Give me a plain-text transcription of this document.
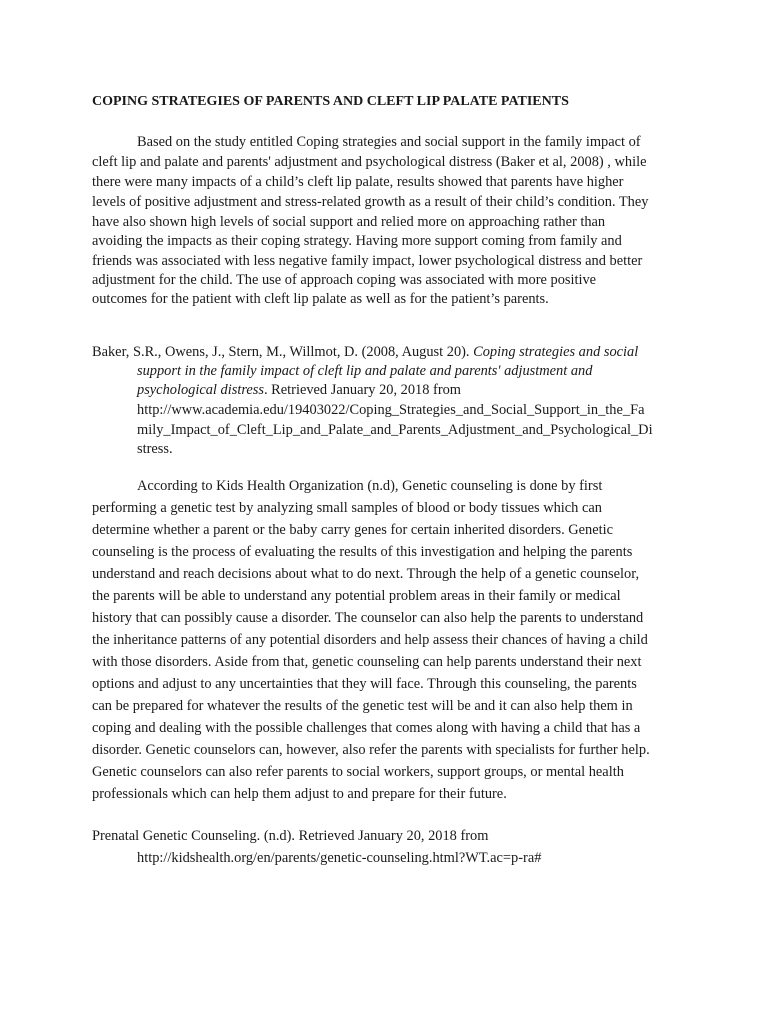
COPING STRATEGIES OF PARENTS AND CLEFT LIP PALATE PATIENTS

Based on the study entitled Coping strategies and social support in the family impact of

cleft lip and palate and parents' adjustment and psychological distress (Baker et al, 2008) , while

there were many impacts of a child’s cleft lip palate, results showed that parents have higher

levels of positive adjustment and stress-related growth as a result of their child’s condition. They

have also shown high levels of social support and relied more on approaching rather than

avoiding the impacts as their coping strategy. Having more support coming from family and

friends was associated with less negative family impact, lower psychological distress and better

adjustment for the child. The use of approach coping was associated with more positive

outcomes for the patient with cleft lip palate as well as for the patient’s parents.

Baker, S.R., Owens, J., Stern, M., Willmot, D. (2008, August 20). Coping strategies and social

support in the family impact of cleft lip and palate and parents' adjustment and

psychological distress. Retrieved January 20, 2018 from

http://www.academia.edu/19403022/Coping_Strategies_and_Social_Support_in_the_Fa

mily_Impact_of_Cleft_Lip_and_Palate_and_Parents_Adjustment_and_Psychological_Di

stress.

According to Kids Health Organization (n.d), Genetic counseling is done by first

performing a genetic test by analyzing small samples of blood or body tissues which can

determine whether a parent or the baby carry genes for certain inherited disorders. Genetic

counseling is the process of evaluating the results of this investigation and helping the parents

understand and reach decisions about what to do next. Through the help of a genetic counselor,

the parents will be able to understand any potential problem areas in their family or medical

history that can possibly cause a disorder. The counselor can also help the parents to understand

the inheritance patterns of any potential disorders and help assess their chances of having a child

with those disorders. Aside from that, genetic counseling can help parents understand their next

options and adjust to any uncertainties that they will face. Through this counseling, the parents

can be prepared for whatever the results of the genetic test will be and it can also help them in

coping and dealing with the possible challenges that comes along with having a child that has a

disorder. Genetic counselors can, however, also refer the parents with specialists for further help.

Genetic counselors can also refer parents to social workers, support groups, or mental health

professionals which can help them adjust to and prepare for their future.

Prenatal Genetic Counseling. (n.d). Retrieved January 20, 2018 from

http://kidshealth.org/en/parents/genetic-counseling.html?WT.ac=p-ra#
